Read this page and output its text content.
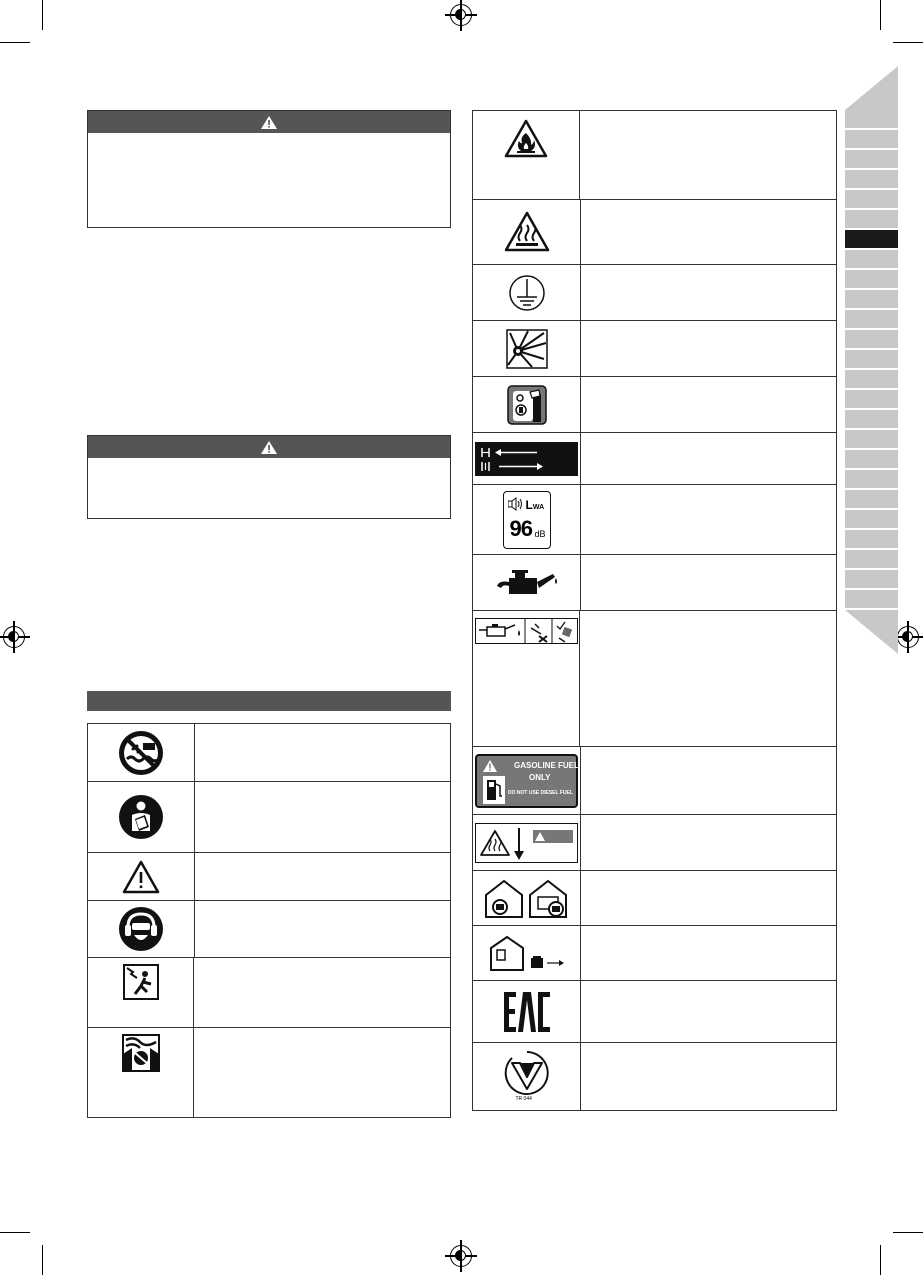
LWA
96 dB
GASOLINE FUEL
ONLY
DO NOT USE DIESEL FUEL
TR 044
